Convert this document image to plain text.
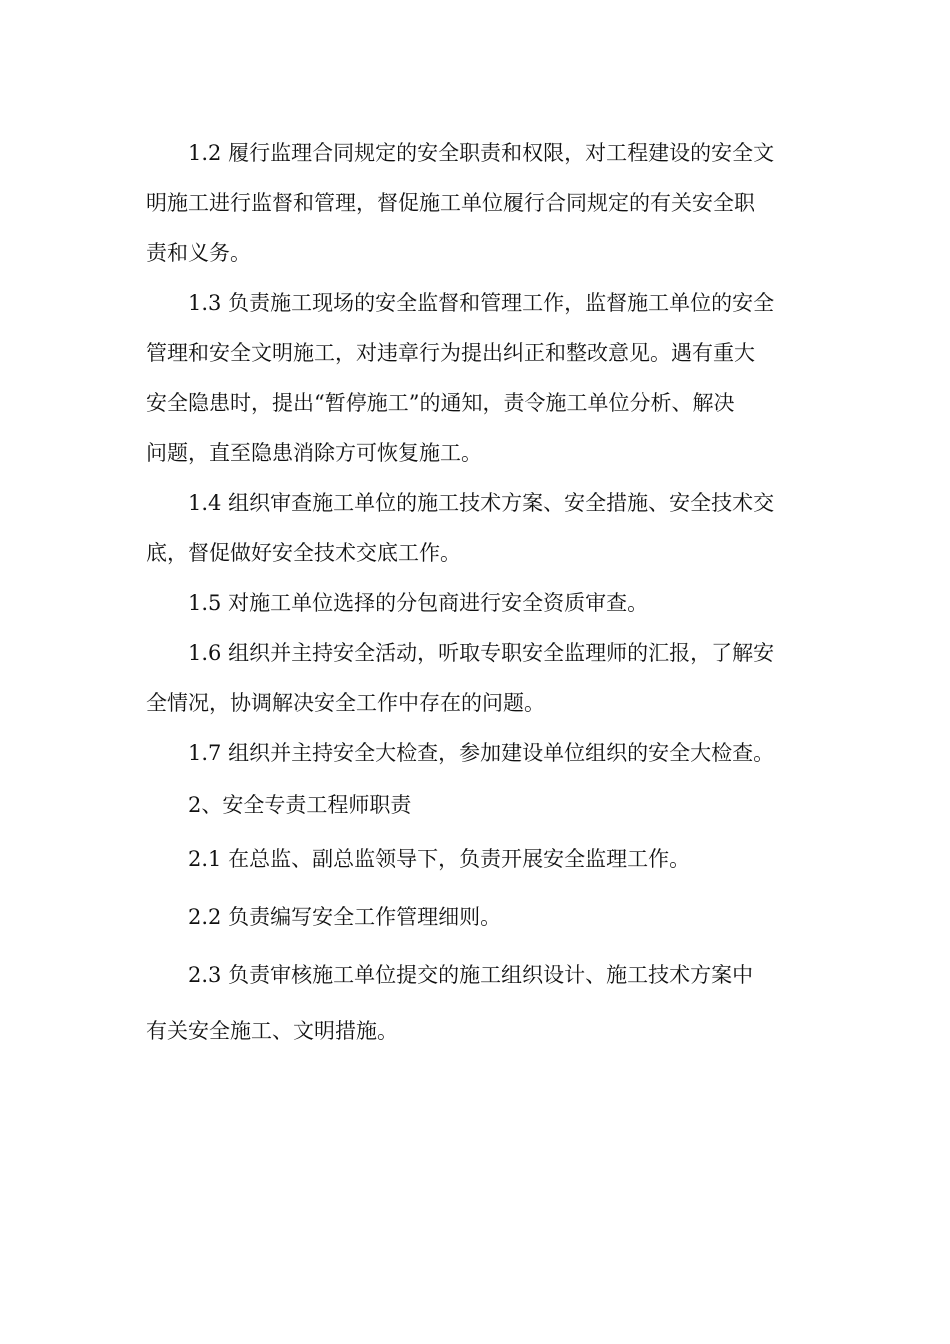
1.2 履行监理合同规定的安全职责和权限，对工程建设的安全文

明施工进行监督和管理，督促施工单位履行合同规定的有关安全职

责和义务。

1.3 负责施工现场的安全监督和管理工作，监督施工单位的安全

管理和安全文明施工，对违章行为提出纠正和整改意见。遇有重大

安全隐患时，提出“暂停施工”的通知，责令施工单位分析、解决

问题，直至隐患消除方可恢复施工。

1.4 组织审查施工单位的施工技术方案、安全措施、安全技术交

底，督促做好安全技术交底工作。

1.5 对施工单位选择的分包商进行安全资质审查。

1.6 组织并主持安全活动，听取专职安全监理师的汇报，了解安

全情况，协调解决安全工作中存在的问题。

1.7 组织并主持安全大检查，参加建设单位组织的安全大检查。

2、安全专责工程师职责

2.1 在总监、副总监领导下，负责开展安全监理工作。

2.2 负责编写安全工作管理细则。

2.3 负责审核施工单位提交的施工组织设计、施工技术方案中

有关安全施工、文明措施。
